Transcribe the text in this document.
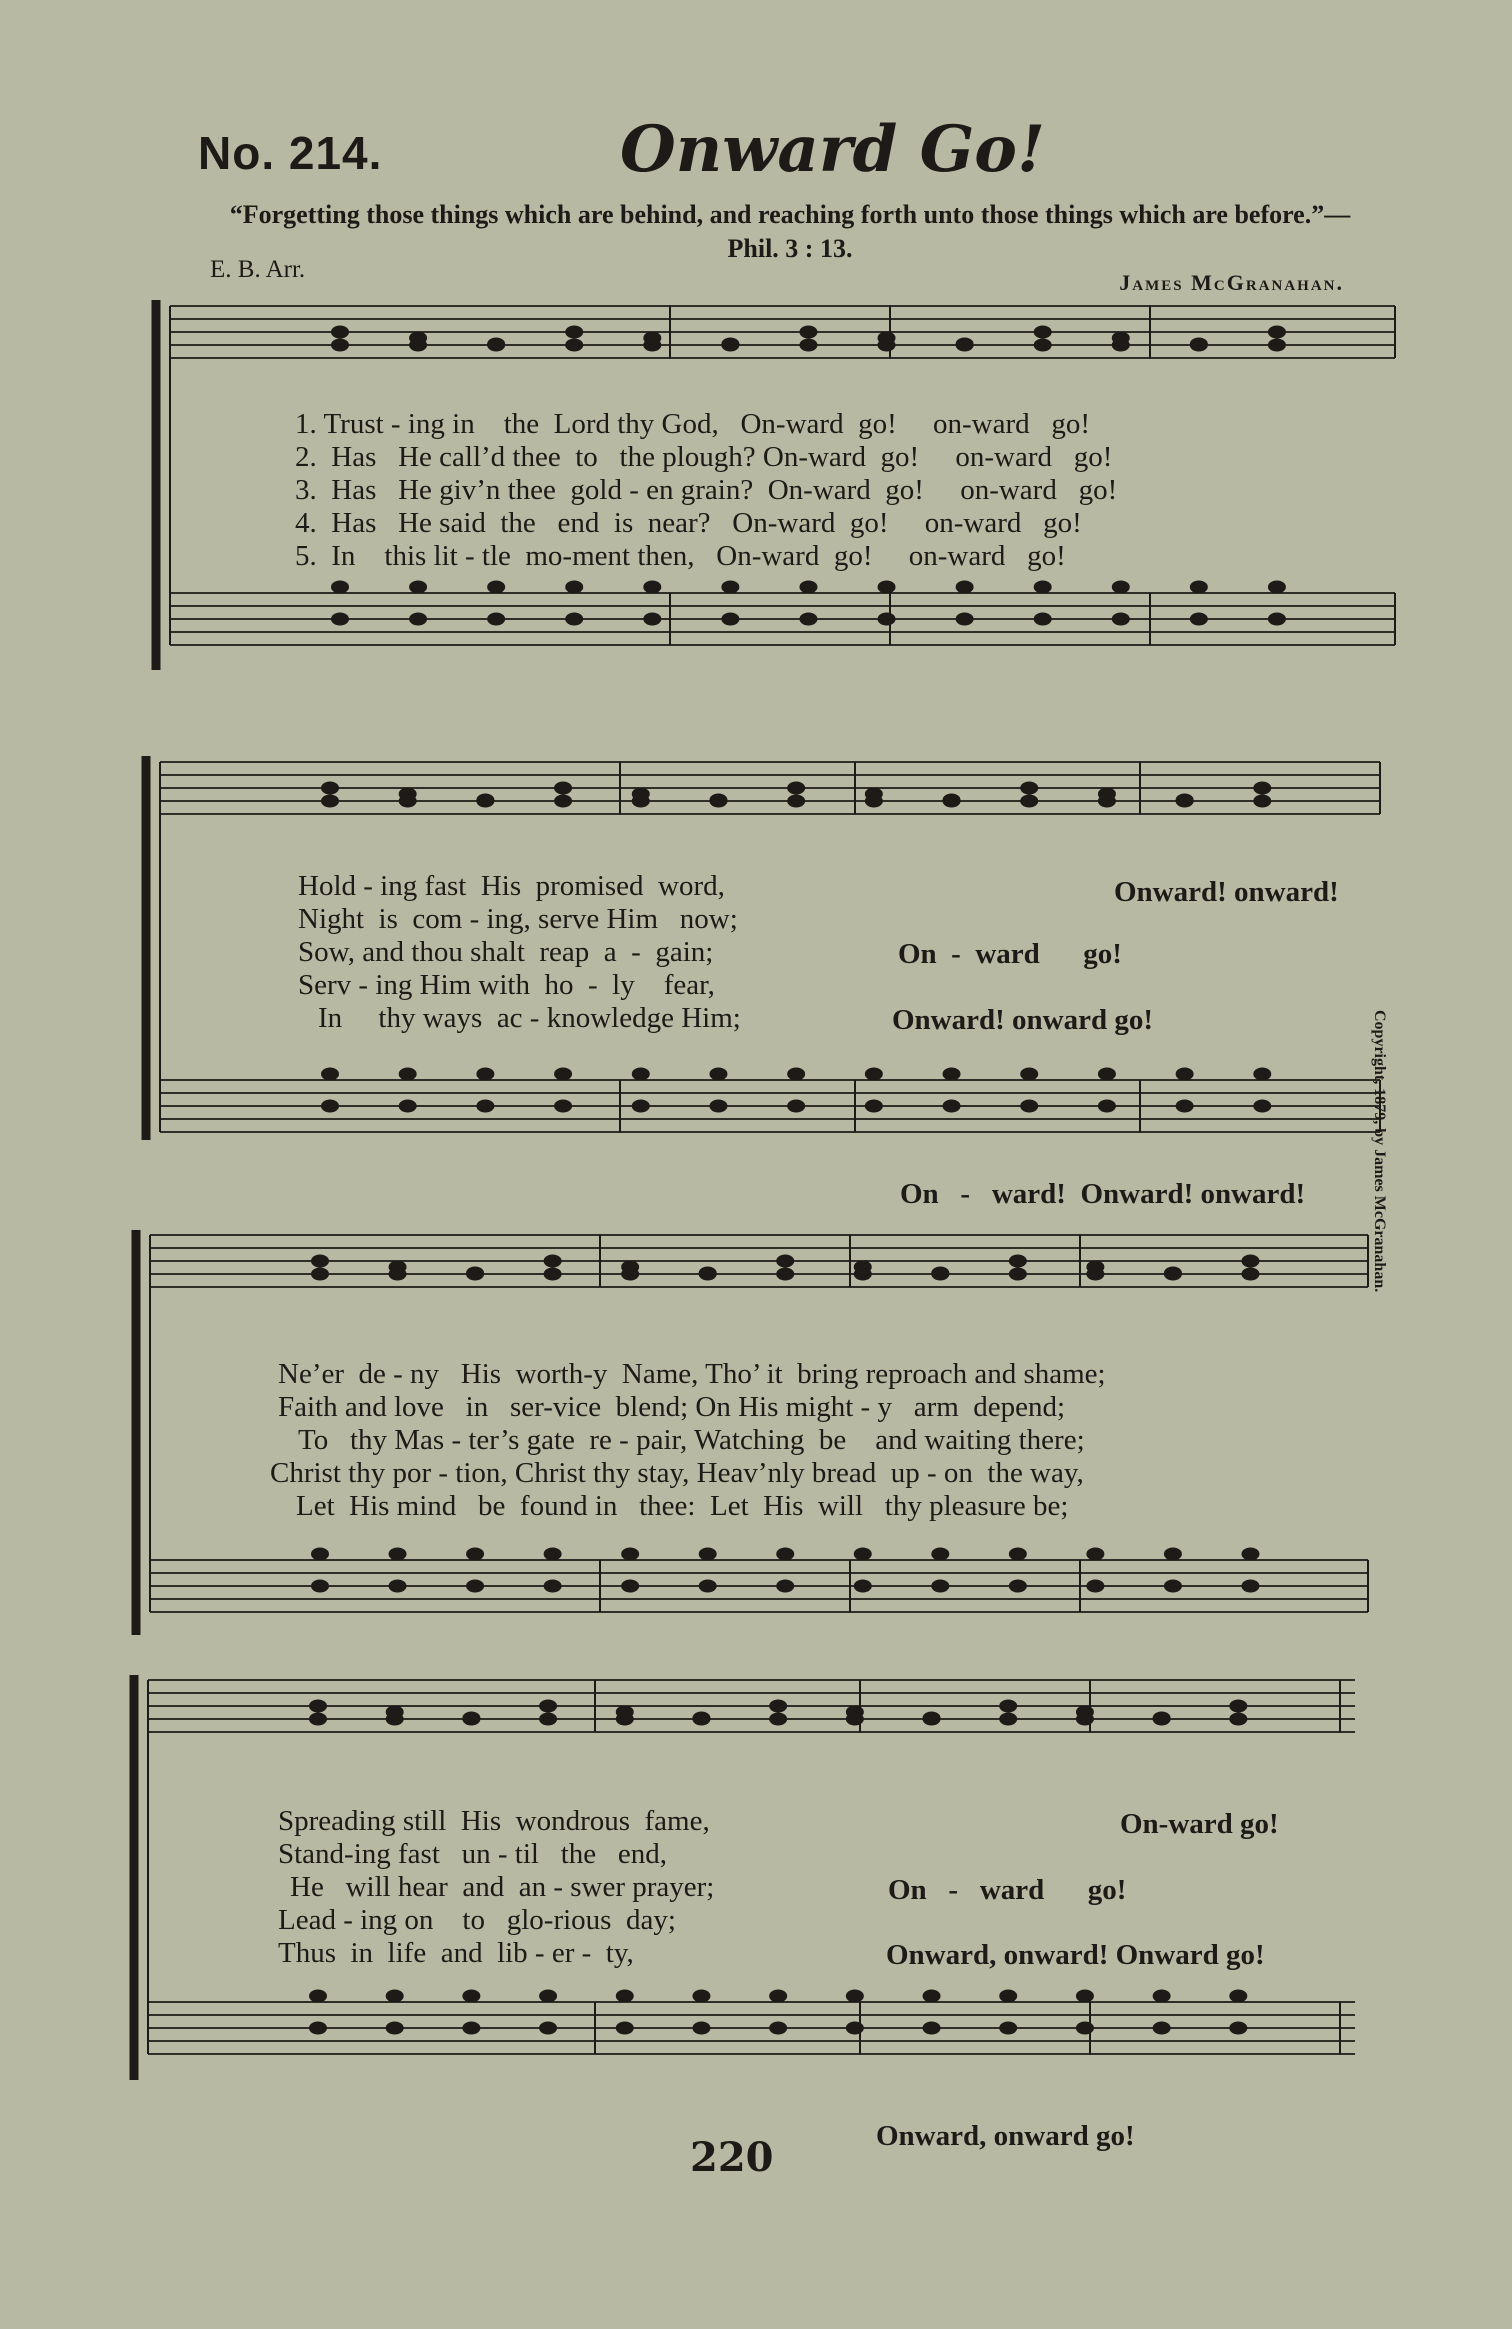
No. 214.	Onward Go!
“Forgetting those things which are behind, and reaching forth unto those things which are before.”—Phil. 3 : 13.
E. B. Arr.	James McGranahan.
1. Trust - ing in    the  Lord thy God,   On-ward  go!     on-ward   go!
2.  Has   He call’d thee  to   the plough? On-ward  go!     on-ward   go!
3.  Has   He giv’n thee  gold - en grain?  On-ward  go!     on-ward   go!
4.  Has   He said  the   end  is  near?   On-ward  go!     on-ward   go!
5.  In    this lit - tle  mo-ment then,   On-ward  go!     on-ward   go!
Hold - ing fast  His  promised  word,
Night  is  com - ing, serve Him   now;
Sow, and thou shalt  reap  a  -  gain;
Serv - ing Him with  ho  -  ly    fear,
In     thy ways  ac - knowledge Him;
Onward! onward!
On  -  ward      go!
Onward! onward go!
On   -   ward!  Onward! onward!
Ne’er  de - ny   His  worth-y  Name, Tho’ it  bring reproach and shame;
Faith and love   in   ser-vice  blend; On His might - y   arm  depend;
To   thy Mas - ter’s gate  re - pair, Watching  be    and waiting there;
Christ thy por - tion, Christ thy stay, Heav’nly bread  up - on  the way,
Let  His mind   be  found in   thee:  Let  His  will   thy pleasure be;
Spreading still  His  wondrous  fame,
Stand-ing fast   un - til   the   end,
He   will hear  and  an - swer prayer;
Lead - ing on    to   glo-rious  day;
Thus  in  life  and  lib - er -  ty,
On-ward go!
On   -   ward      go!
Onward, onward! Onward go!
Onward, onward go!
Copyright, 1879, by James McGranahan.
220
